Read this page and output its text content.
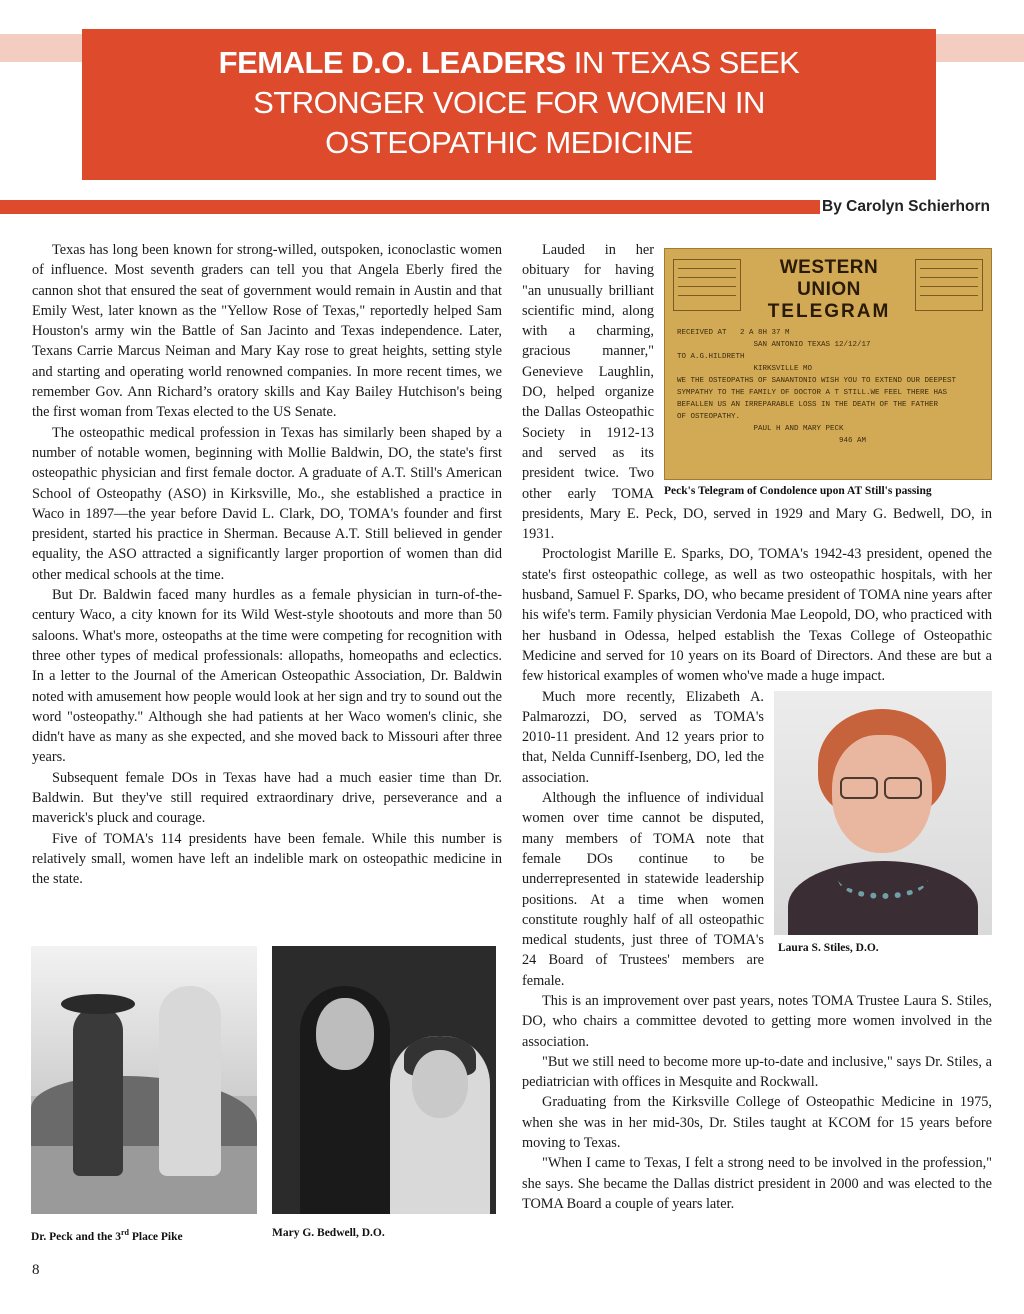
FEMALE D.O. LEADERS IN TEXAS SEEK
STRONGER VOICE FOR WOMEN IN
OSTEOPATHIC MEDICINE
By Carolyn Schierhorn

Texas has long been known for strong-willed, outspoken, iconoclastic women of influence. Most seventh graders can tell you that Angela Eberly fired the cannon shot that ensured the seat of government would remain in Austin and that Emily West, later known as the "Yellow Rose of Texas," reportedly helped Sam Houston's army win the Battle of San Jacinto and Texas independence. Later, Texans Carrie Marcus Neiman and Mary Kay rose to great heights, setting style and starting and operating world renowned companies. In more recent times, we remember Gov. Ann Richard’s oratory skills and Kay Bailey Hutchison's being the first woman from Texas elected to the US Senate.

The osteopathic medical profession in Texas has similarly been shaped by a number of notable women, beginning with Mollie Baldwin, DO, the state's first osteopathic physician and first female doctor. A graduate of A.T. Still's American School of Osteopathy (ASO) in Kirksville, Mo., she established a practice in Waco in 1897—the year before David L. Clark, DO, TOMA's founder and first president, started his practice in Sherman. Because A.T. Still believed in gender equality, the ASO attracted a significantly larger proportion of women than did other medical schools at the time.

But Dr. Baldwin faced many hurdles as a female physician in turn-of-the-century Waco, a city known for its Wild West-style shootouts and more than 50 saloons. What's more, osteopaths at the time were competing for recognition with three other types of medical professionals: allopaths, homeopaths and eclectics. In a letter to the Journal of the American Osteopathic Association, Dr. Baldwin noted with amusement how people would look at her sign and try to sound out the word "osteopathy." Although she had patients at her Waco women's clinic, she didn't have as many as she expected, and she moved back to Missouri after three years.

Subsequent female DOs in Texas have had a much easier time than Dr. Baldwin. But they've still required extraordinary drive, perseverance and a maverick's pluck and courage.

Five of TOMA's 114 presidents have been female. While this number is relatively small, women have left an indelible mark on osteopathic medicine in the state.

WESTERN UNION
TELEGRAM
RECEIVED AT   2 A 8H 37 M
SAN ANTONIO TEXAS 12/12/17
TO A.G.HILDRETH
KIRKSVILLE MO
WE THE OSTEOPATHS OF SANANTONIO WISH YOU TO EXTEND OUR DEEPEST
SYMPATHY TO THE FAMILY OF DOCTOR A T STILL.WE FEEL THERE HAS
BEFALLEN US AN IRREPARABLE LOSS IN THE DEATH OF THE FATHER
OF OSTEOPATHY.
PAUL H AND MARY PECK
946 AM
Peck's Telegram of Condolence upon AT Still's passing

Lauded in her obituary for having "an unusually brilliant scientific mind, along with a charming, gracious manner," Genevieve Laughlin, DO, helped organize the Dallas Osteopathic Society in 1912-13 and served as its president twice. Two other early TOMA presidents, Mary E. Peck, DO, served in 1929 and Mary G. Bedwell, DO, in 1931.

Proctologist Marille E. Sparks, DO, TOMA's 1942-43 president, opened the state's first osteopathic college, as well as two osteopathic hospitals, with her husband, Samuel F. Sparks, DO, who became president of TOMA nine years after his wife's term. Family physician Verdonia Mae Leopold, DO, who practiced with her husband in Odessa, helped establish the Texas College of Osteopathic Medicine and served for 10 years on its Board of Directors. And these are but a few historical examples of women who've made a huge impact.

Laura S. Stiles, D.O.

Much more recently, Elizabeth A. Palmarozzi, DO, served as TOMA's 2010-11 president. And 12 years prior to that, Nelda Cunniff-Isenberg, DO, led the association.

Although the influence of individual women over time cannot be disputed, many members of TOMA note that female DOs continue to be underrepresented in statewide leadership positions. At a time when women constitute roughly half of all osteopathic medical students, just three of TOMA's 24 Board of Trustees' members are female.

This is an improvement over past years, notes TOMA Trustee Laura S. Stiles, DO, who chairs a committee devoted to getting more women involved in the association.

"But we still need to become more up-to-date and inclusive," says Dr. Stiles, a pediatrician with offices in Mesquite and Rockwall.

Graduating from the Kirksville College of Osteopathic Medicine in 1975, when she was in her mid-30s, Dr. Stiles taught at KCOM for 15 years before moving to Texas.

"When I came to Texas, I felt a strong need to be involved in the profession," she says. She became the Dallas district president in 2000 and was elected to the TOMA Board a couple of years later.

Dr. Peck and the 3rd Place Pike	Mary G. Bedwell, D.O.
8
